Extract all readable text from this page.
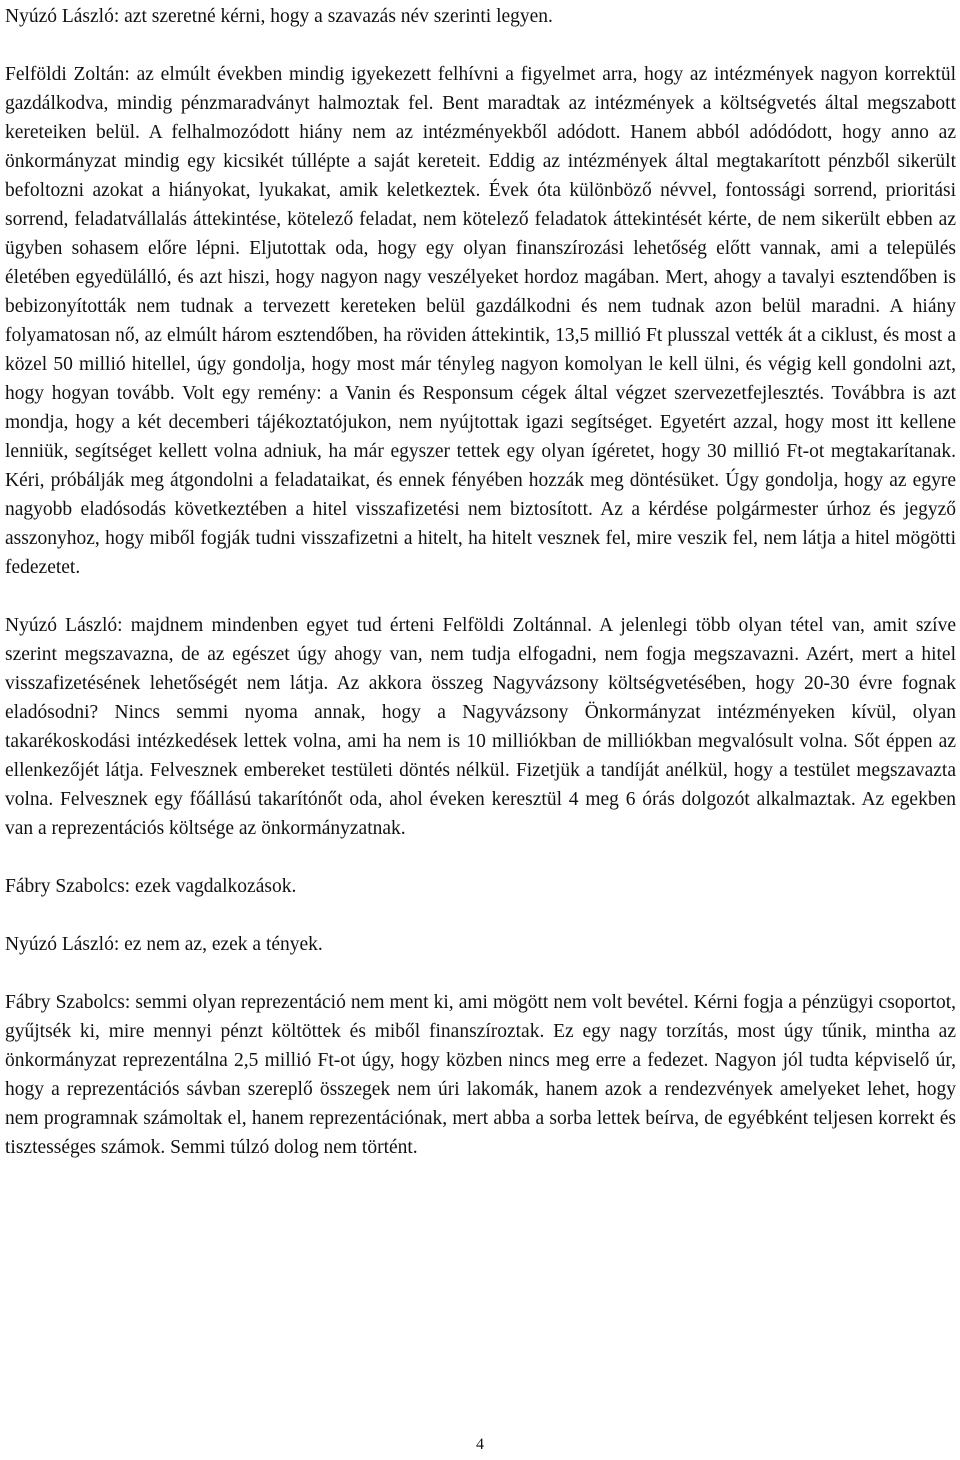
Nyúzó László: azt szeretné kérni, hogy a szavazás név szerinti legyen.

Felföldi Zoltán: az elmúlt években mindig igyekezett felhívni a figyelmet arra, hogy az intézmények nagyon korrektül gazdálkodva, mindig pénzmaradványt halmoztak fel. Bent maradtak az intézmények a költségvetés által megszabott kereteiken belül. A felhalmozódott hiány nem az intézményekből adódott. Hanem abból adódódott, hogy anno az önkormányzat mindig egy kicsikét túllépte a saját kereteit. Eddig az intézmények által megtakarított pénzből sikerült befoltozni azokat a hiányokat, lyukakat, amik keletkeztek. Évek óta különböző névvel, fontossági sorrend, prioritási sorrend, feladatvállalás áttekintése, kötelező feladat, nem kötelező feladatok áttekintését kérte, de nem sikerült ebben az ügyben sohasem előre lépni. Eljutottak oda, hogy egy olyan finanszírozási lehetőség előtt vannak, ami a település életében egyedülálló, és azt hiszi, hogy nagyon nagy veszélyeket hordoz magában. Mert, ahogy a tavalyi esztendőben is bebizonyították nem tudnak a tervezett kereteken belül gazdálkodni és nem tudnak azon belül maradni. A hiány folyamatosan nő, az elmúlt három esztendőben, ha röviden áttekintik, 13,5 millió Ft plusszal vették át a ciklust, és most a közel 50 millió hitellel, úgy gondolja, hogy most már tényleg nagyon komolyan le kell ülni, és végig kell gondolni azt, hogy hogyan tovább. Volt egy remény: a Vanin és Responsum cégek által végzet szervezetfejlesztés. Továbbra is azt mondja, hogy a két decemberi tájékoztatójukon, nem nyújtottak igazi segítséget. Egyetért azzal, hogy most itt kellene lenniük, segítséget kellett volna adniuk, ha már egyszer tettek egy olyan ígéretet, hogy 30 millió Ft-ot megtakarítanak. Kéri, próbálják meg átgondolni a feladataikat, és ennek fényében hozzák meg döntésüket. Úgy gondolja, hogy az egyre nagyobb eladósodás következtében a hitel visszafizetési nem biztosított. Az a kérdése polgármester úrhoz és jegyző asszonyhoz, hogy miből fogják tudni visszafizetni a hitelt, ha hitelt vesznek fel, mire veszik fel, nem látja a hitel mögötti fedezetet.

Nyúzó László: majdnem mindenben egyet tud érteni Felföldi Zoltánnal. A jelenlegi több olyan tétel van, amit szíve szerint megszavazna, de az egészet úgy ahogy van, nem tudja elfogadni, nem fogja megszavazni. Azért, mert a hitel visszafizetésének lehetőségét nem látja. Az akkora összeg Nagyvázsony költségvetésében, hogy 20-30 évre fognak eladósodni? Nincs semmi nyoma annak, hogy a Nagyvázsony Önkormányzat intézményeken kívül, olyan takarékoskodási intézkedések lettek volna, ami ha nem is 10 milliókban de milliókban megvalósult volna. Sőt éppen az ellenkezőjét látja. Felvesznek embereket testületi döntés nélkül. Fizetjük a tandíját anélkül, hogy a testület megszavazta volna. Felvesznek egy főállású takarítónőt oda, ahol éveken keresztül 4 meg 6 órás dolgozót alkalmaztak. Az egekben van a reprezentációs költsége az önkormányzatnak.

Fábry Szabolcs: ezek vagdalkozások.

Nyúzó László: ez nem az, ezek a tények.

Fábry Szabolcs: semmi olyan reprezentáció nem ment ki, ami mögött nem volt bevétel. Kérni fogja a pénzügyi csoportot, gyűjtsék ki, mire mennyi pénzt költöttek és miből finanszíroztak. Ez egy nagy torzítás, most úgy tűnik, mintha az önkormányzat reprezentálna 2,5 millió Ft-ot úgy, hogy közben nincs meg erre a fedezet. Nagyon jól tudta képviselő úr, hogy a reprezentációs sávban szereplő összegek nem úri lakomák, hanem azok a rendezvények amelyeket lehet, hogy nem programnak számoltak el, hanem reprezentációnak, mert abba a sorba lettek beírva, de egyébként teljesen korrekt és tisztességes számok. Semmi túlzó dolog nem történt.

4
